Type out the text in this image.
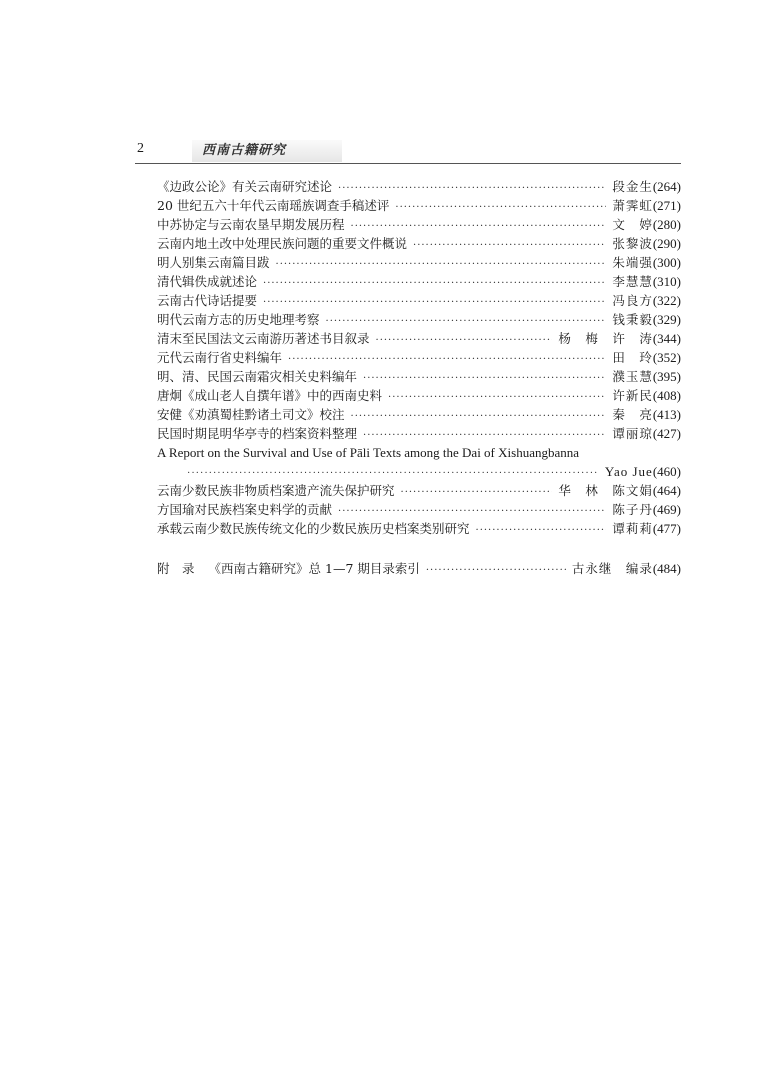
2	西南古籍研究
《边政公论》有关云南研究述论 ·····	段金生 (264)
20 世纪五六十年代云南瑶族调查手稿述评 ·····	萧霁虹 (271)
中苏协定与云南农垦早期发展历程 ·····	文　婷 (280)
云南内地土改中处理民族问题的重要文件概说 ·····	张黎波 (290)
明人别集云南篇目跋 ·····	朱端强 (300)
清代辑佚成就述论 ·····	李慧慧 (310)
云南古代诗话提要 ·····	冯良方 (322)
明代云南方志的历史地理考察 ·····	钱秉毅 (329)
清末至民国法文云南游历著述书目叙录 ·····	杨　梅　许　涛 (344)
元代云南行省史料编年 ·····	田　玲 (352)
明、清、民国云南霜灾相关史料编年 ·····	濮玉慧 (395)
唐炯《成山老人自撰年谱》中的西南史料 ·····	许新民 (408)
安健《劝滇蜀桂黔诸土司文》校注 ·····	秦　亮 (413)
民国时期昆明华亭寺的档案资料整理 ·····	谭丽琼 (427)
A Report on the Survival and Use of Pāli Texts among the Dai of Xishuangbanna
·····
Yao Jue (460)
云南少数民族非物质档案遗产流失保护研究 ·····	华　林　陈文娟 (464)
方国瑜对民族档案史料学的贡献 ·····	陈子丹 (469)
承载云南少数民族传统文化的少数民族历史档案类别研究 ·····	谭莉莉 (477)
附　录 《西南古籍研究》总 1—7 期目录索引 ·····	古永继　编录 (484)
